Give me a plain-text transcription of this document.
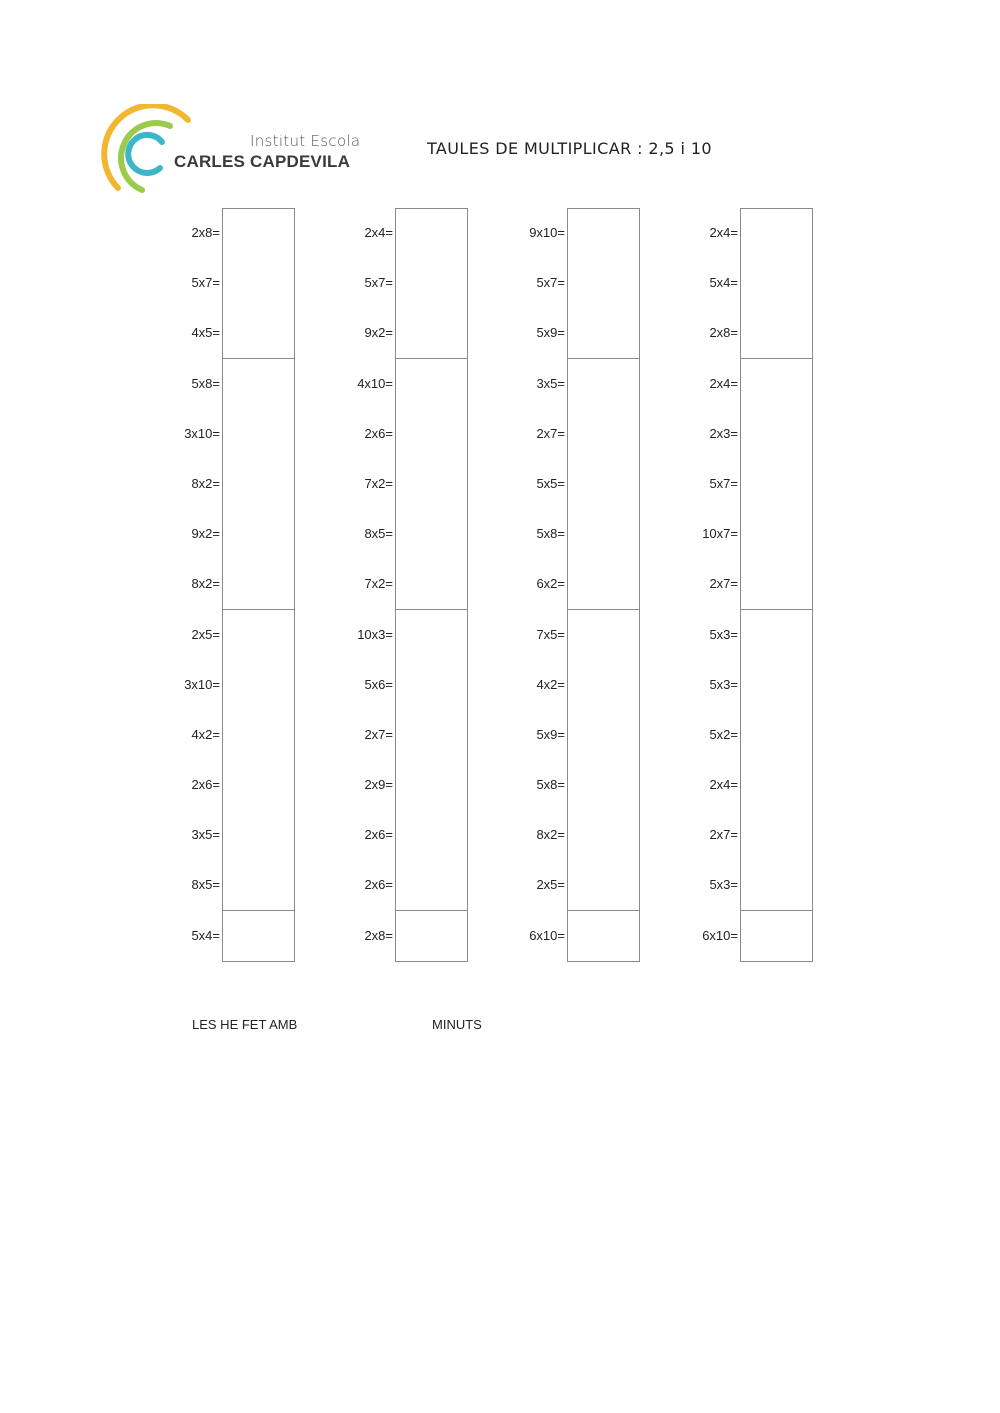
Institut Escola
CARLES CAPDEVILA
TAULES DE MULTIPLICAR : 2,5 i 10
2x8=
5x7=
4x5=
5x8=
3x10=
8x2=
9x2=
8x2=
2x5=
3x10=
4x2=
2x6=
3x5=
8x5=
5x4=
2x4=
5x7=
9x2=
4x10=
2x6=
7x2=
8x5=
7x2=
10x3=
5x6=
2x7=
2x9=
2x6=
2x6=
2x8=
9x10=
5x7=
5x9=
3x5=
2x7=
5x5=
5x8=
6x2=
7x5=
4x2=
5x9=
5x8=
8x2=
2x5=
6x10=
2x4=
5x4=
2x8=
2x4=
2x3=
5x7=
10x7=
2x7=
5x3=
5x3=
5x2=
2x4=
2x7=
5x3=
6x10=
LES HE FET AMB	MINUTS
